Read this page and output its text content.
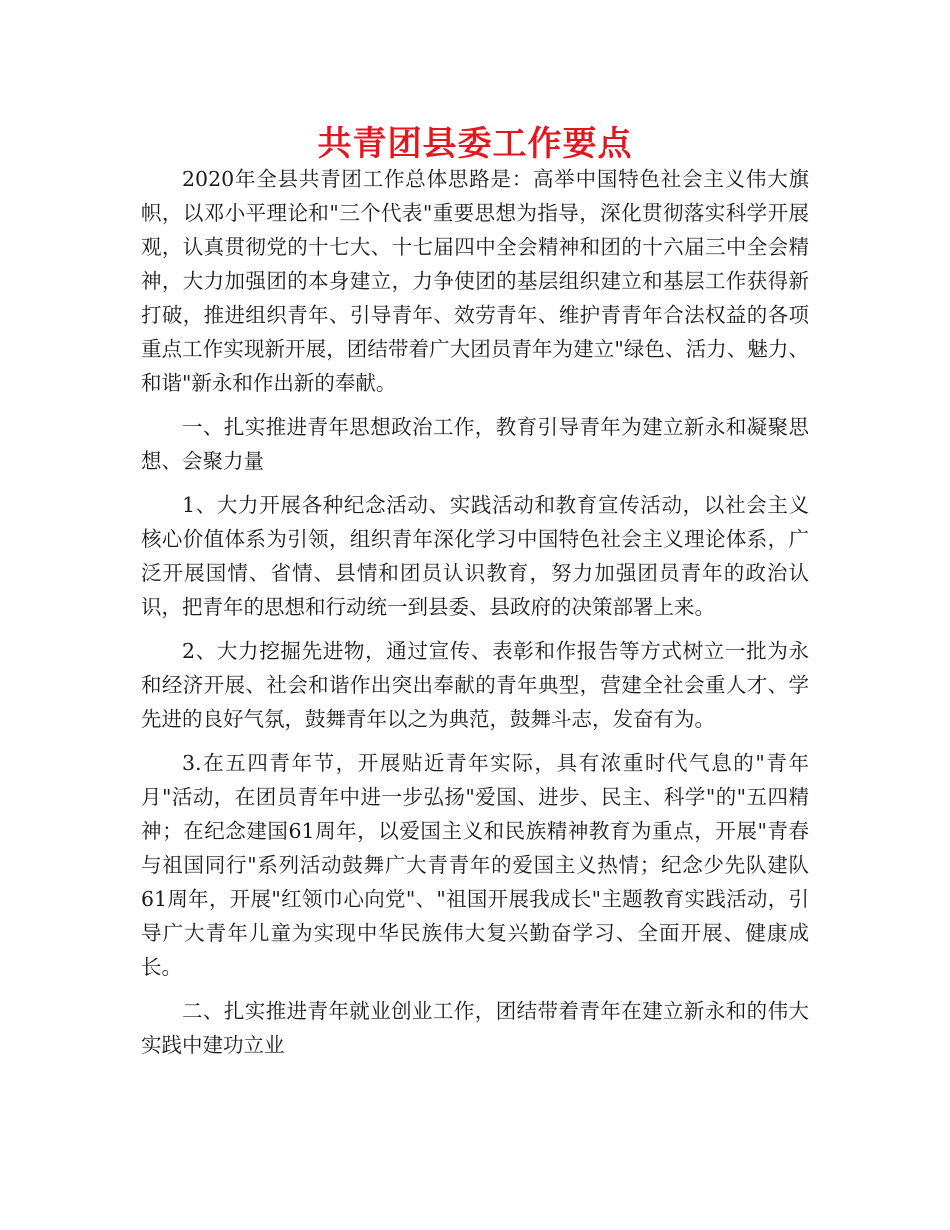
共青团县委工作要点

2020年全县共青团工作总体思路是：高举中国特色社会主义伟大旗帜，以邓小平理论和"三个代表"重要思想为指导，深化贯彻落实科学开展观，认真贯彻党的十七大、十七届四中全会精神和团的十六届三中全会精神，大力加强团的本身建立，力争使团的基层组织建立和基层工作获得新打破，推进组织青年、引导青年、效劳青年、维护青青年合法权益的各项重点工作实现新开展，团结带着广大团员青年为建立"绿色、活力、魅力、和谐"新永和作出新的奉献。

一、扎实推进青年思想政治工作，教育引导青年为建立新永和凝聚思想、会聚力量

1、大力开展各种纪念活动、实践活动和教育宣传活动，以社会主义核心价值体系为引领，组织青年深化学习中国特色社会主义理论体系，广泛开展国情、省情、县情和团员认识教育，努力加强团员青年的政治认识，把青年的思想和行动统一到县委、县政府的决策部署上来。

2、大力挖掘先进物，通过宣传、表彰和作报告等方式树立一批为永和经济开展、社会和谐作出突出奉献的青年典型，营建全社会重人才、学先进的良好气氛，鼓舞青年以之为典范，鼓舞斗志，发奋有为。

3.在五四青年节，开展贴近青年实际，具有浓重时代气息的"青年月"活动，在团员青年中进一步弘扬"爱国、进步、民主、科学"的"五四精神；在纪念建国61周年，以爱国主义和民族精神教育为重点，开展"青春与祖国同行"系列活动鼓舞广大青青年的爱国主义热情；纪念少先队建队61周年，开展"红领巾心向党"、"祖国开展我成长"主题教育实践活动，引导广大青年儿童为实现中华民族伟大复兴勤奋学习、全面开展、健康成长。

二、扎实推进青年就业创业工作，团结带着青年在建立新永和的伟大实践中建功立业
